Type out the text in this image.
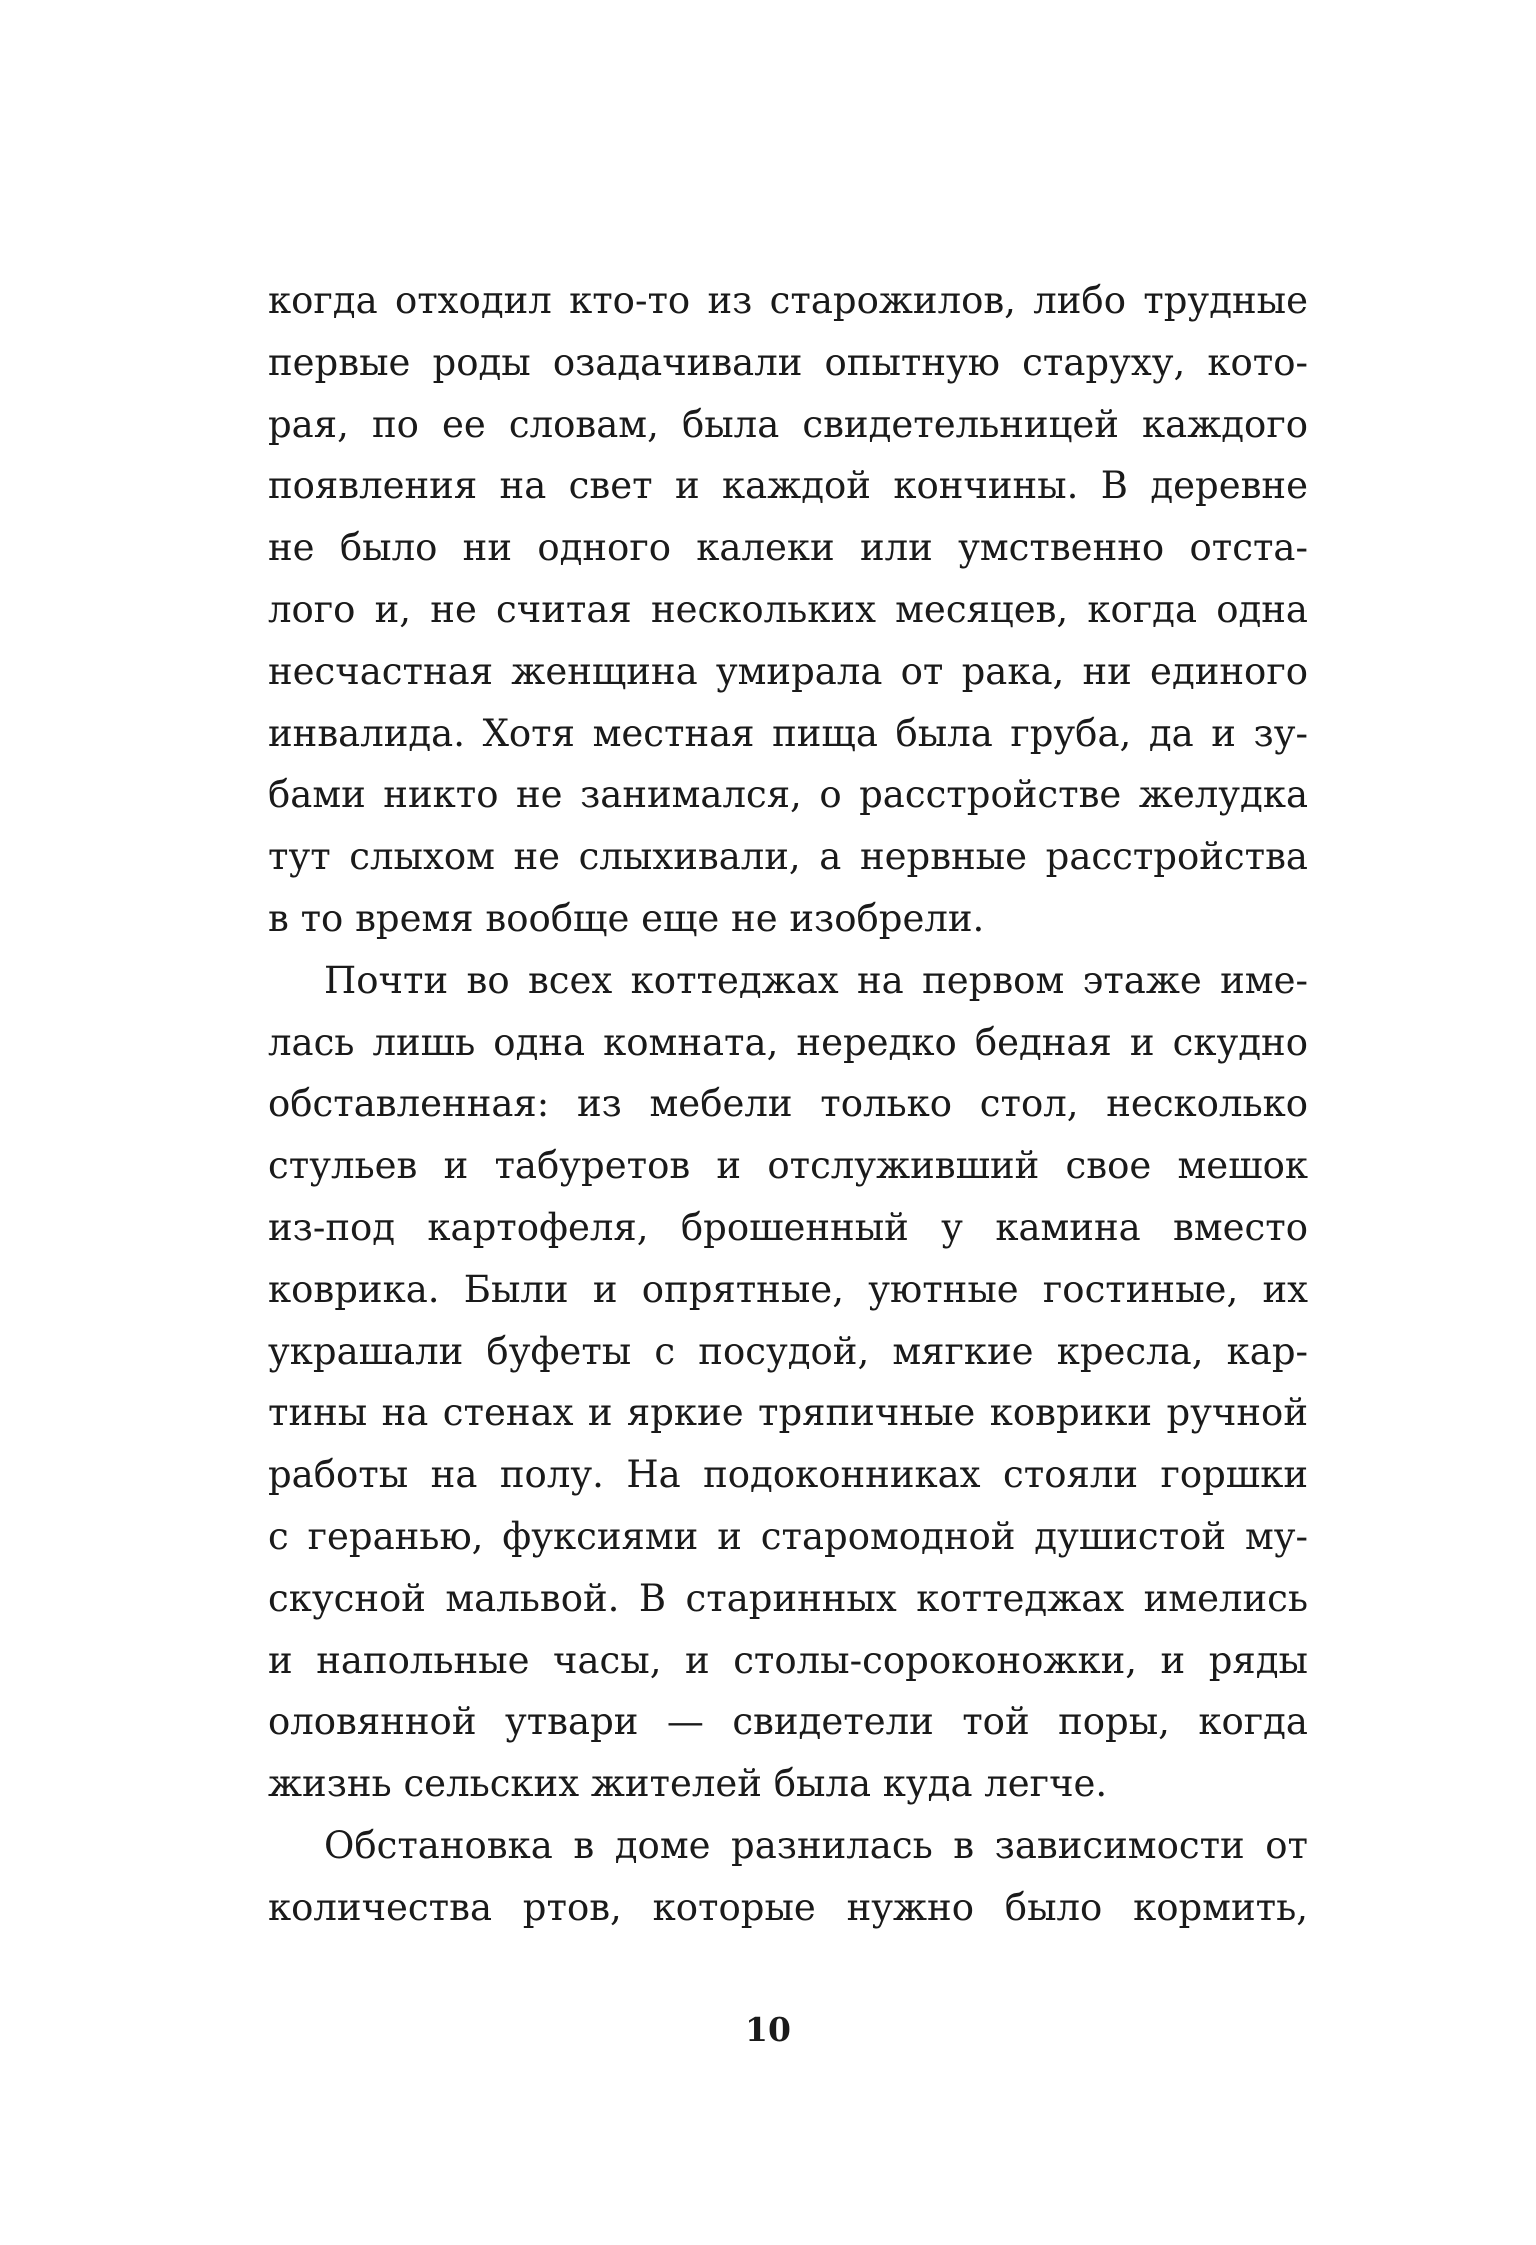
когда отходил кто-то из старожилов, либо трудные
первые роды озадачивали опытную старуху, кото-
рая, по ее словам, была свидетельницей каждого
появления на свет и каждой кончины. В деревне
не было ни одного калеки или умственно отста-
лого и, не считая нескольких месяцев, когда одна
несчастная женщина умирала от рака, ни единого
инвалида. Хотя местная пища была груба, да и зу-
бами никто не занимался, о расстройстве желудка
тут слыхом не слыхивали, а нервные расстройства
в то время вообще еще не изобрели.
Почти во всех коттеджах на первом этаже име-
лась лишь одна комната, нередко бедная и скудно
обставленная: из мебели только стол, несколько
стульев и табуретов и отслуживший свое мешок
из-под картофеля, брошенный у камина вместо
коврика. Были и опрятные, уютные гостиные, их
украшали буфеты с посудой, мягкие кресла, кар-
тины на стенах и яркие тряпичные коврики ручной
работы на полу. На подоконниках стояли горшки
с геранью, фуксиями и старомодной душистой му-
скусной мальвой. В старинных коттеджах имелись
и напольные часы, и столы-сороконожки, и ряды
оловянной утвари — свидетели той поры, когда
жизнь сельских жителей была куда легче.
Обстановка в доме разнилась в зависимости от
количества ртов, которые нужно было кормить,
10
